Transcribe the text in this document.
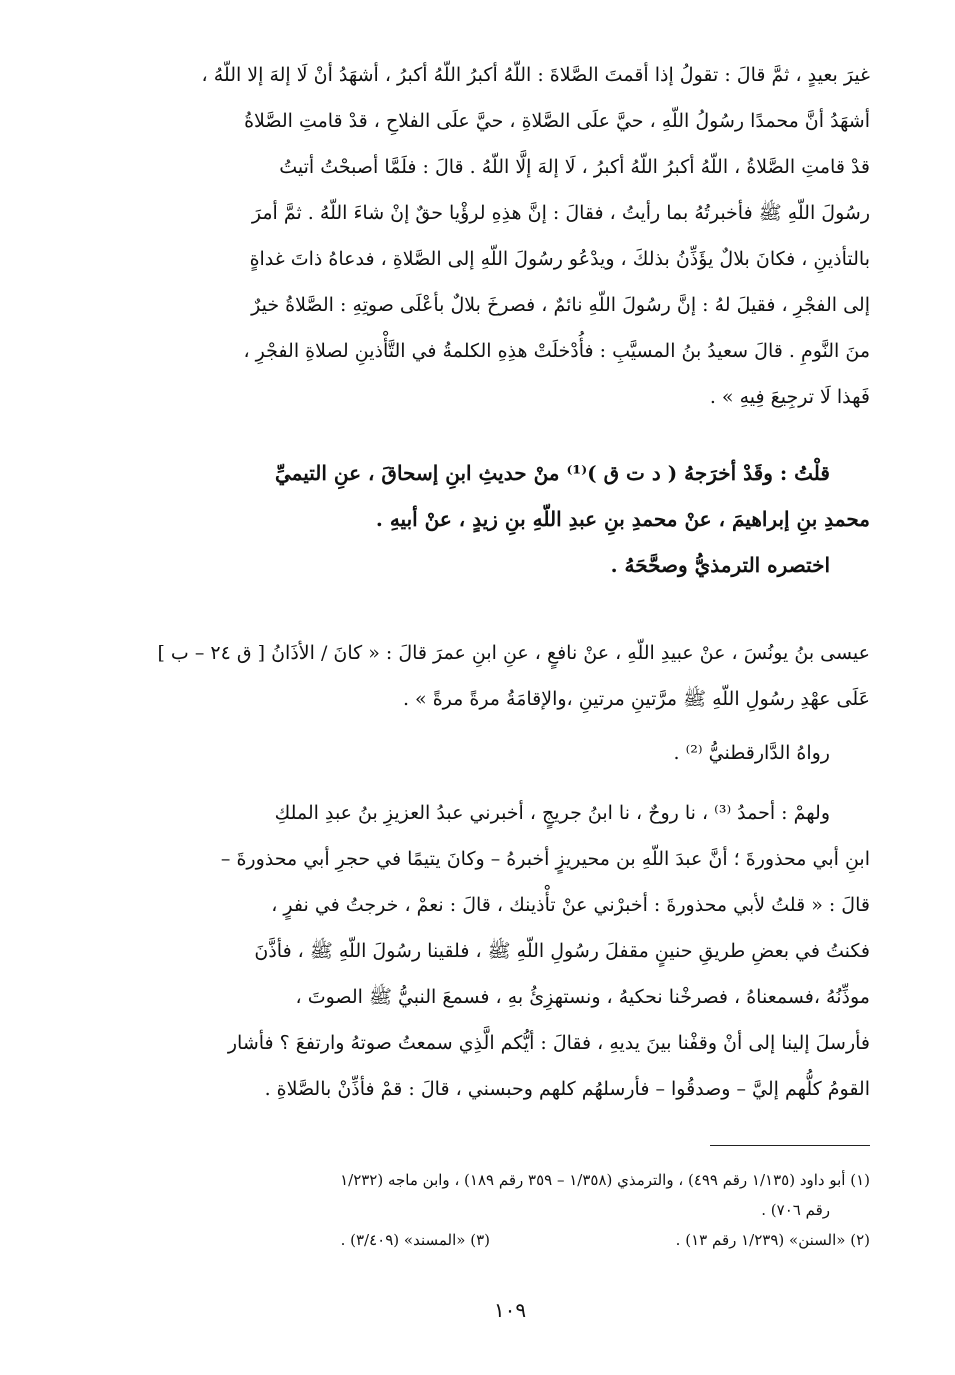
غيرَ بعيدٍ ، ثمَّ قالَ : تقولُ إذا أقمتَ الصَّلاةَ : اللّهُ أكبرُ اللّهُ أكبرُ ، أشهَدُ أنْ لَا إلهَ إلا اللّهُ ،
أشهَدُ أنَّ محمدًا رسُولُ اللّهِ ، حيَّ علَى الصَّلاةِ ، حيَّ علَى الفلاحِ ، قدْ قامتِ الصَّلاةُ
قدْ قامتِ الصَّلاةُ ، اللّهُ أكبرُ اللّهُ أكبرُ ، لَا إلهَ إلَّا اللّهُ . قالَ : فلَمَّا أصبحْتُ أتيتُ
رسُولَ اللّهِ ﷺ فأخبرتُهُ بما رأيتُ ، فقالَ : إنَّ هذِهِ لرؤْيا حقٌ إنْ شاءَ اللّهُ . ثمَّ أمرَ
بالتأذينِ ، فكانَ بلالٌ يؤَذِّنُ بذلكَ ، ويدْعُو رسُولَ اللّهِ إلى الصَّلاةِ ، فدعاهُ ذاتَ غداةٍ
إلى الفجْرِ ، فقيلَ لهُ : إنَّ رسُولَ اللّهِ نائمٌ ، فصرخَ بلالٌ بأعْلَى صوتِهِ : الصَّلاةُ خيرٌ
منَ النَّومِ . قالَ سعيدُ بنُ المسيَّبِ : فأُدْخلَتْ هذِهِ الكلمةُ في التَّأْذينِ لصلاةِ الفجْرِ ،
فَهذا لَا ترجِيعَ فِيهِ » .
قلْتُ : وقَدْ أخرَجهُ ( د ت ق )⁽¹⁾ منْ حديثِ ابنِ إسحاقَ ، عنِ التيميِّ
محمدِ بنِ إبراهيمَ ، عنْ محمدِ بنِ عبدِ اللّهِ بنِ زيدٍ ، عنْ أبيهِ .
اختصره الترمذيُّ وصحَّحَهُ .
عيسى بنُ يونُسَ ، عنْ عبيدِ اللّهِ ، عنْ نافعٍ ، عنِ ابنِ عمرَ قالَ : « كانَ / الأذَانُ [ ق ٢٤ – ب ]
عَلَى عهْدِ رسُولِ اللّهِ ﷺ مرَّتينِ مرتينِ ،والإقامَةُ مرةً مرةً » .
رواهُ الدَّارقطنيُّ ⁽²⁾ .
ولهمْ : أحمدُ ⁽³⁾ ، نا روحٌ ، نا ابنُ جريجٍ ، أخبرني عبدُ العزيزِ بنُ عبدِ الملكِ
ابنِ أبي محذورةَ ؛ أنَّ عبدَ اللّهِ بن محيريزٍ أخبرهُ – وكانَ يتيمًا في حجرِ أبي محذورةَ –
قالَ : « قلتُ لأبي محذورةَ : أخبرْني عنْ تأْذينك ، قالَ : نعمْ ، خرجتُ في نفرٍ ،
فكنتُ في بعضِ طريقِ حنينٍ مقفلَ رسُولِ اللّهِ ﷺ ، فلقينا رسُولَ اللّهِ ﷺ ، فأذَّنَ
موذِّنُهُ ،فسمعناهُ ، فصرخْنا نحكيهُ ، ونستهزِئُ بهِ ، فسمعَ النبيُّ ﷺ الصوتَ ،
فأرسلَ إلينا إلى أنْ وقفْنا بينَ يديهِ ، فقالَ : أيُّكم الَّذِي سمعتُ صوتهُ وارتفعَ ؟ فأشار
القومُ كلُّهم إليَّ – وصدقُوا – فأرسلهُم كلهم وحبسني ، قالَ : قمْ فأذِّنْ بالصَّلاةِ .
(١) أبو داود (١/١٣٥ رقم ٤٩٩) ، والترمذي (١/٣٥٨ – ٣٥٩ رقم ١٨٩) ، وابن ماجه (١/٢٣٢
رقم ٧٠٦) .
(٢) «السنن» (١/٢٣٩ رقم ١٣) .
(٣) «المسند» (٣/٤٠٩) .
١٠٩
